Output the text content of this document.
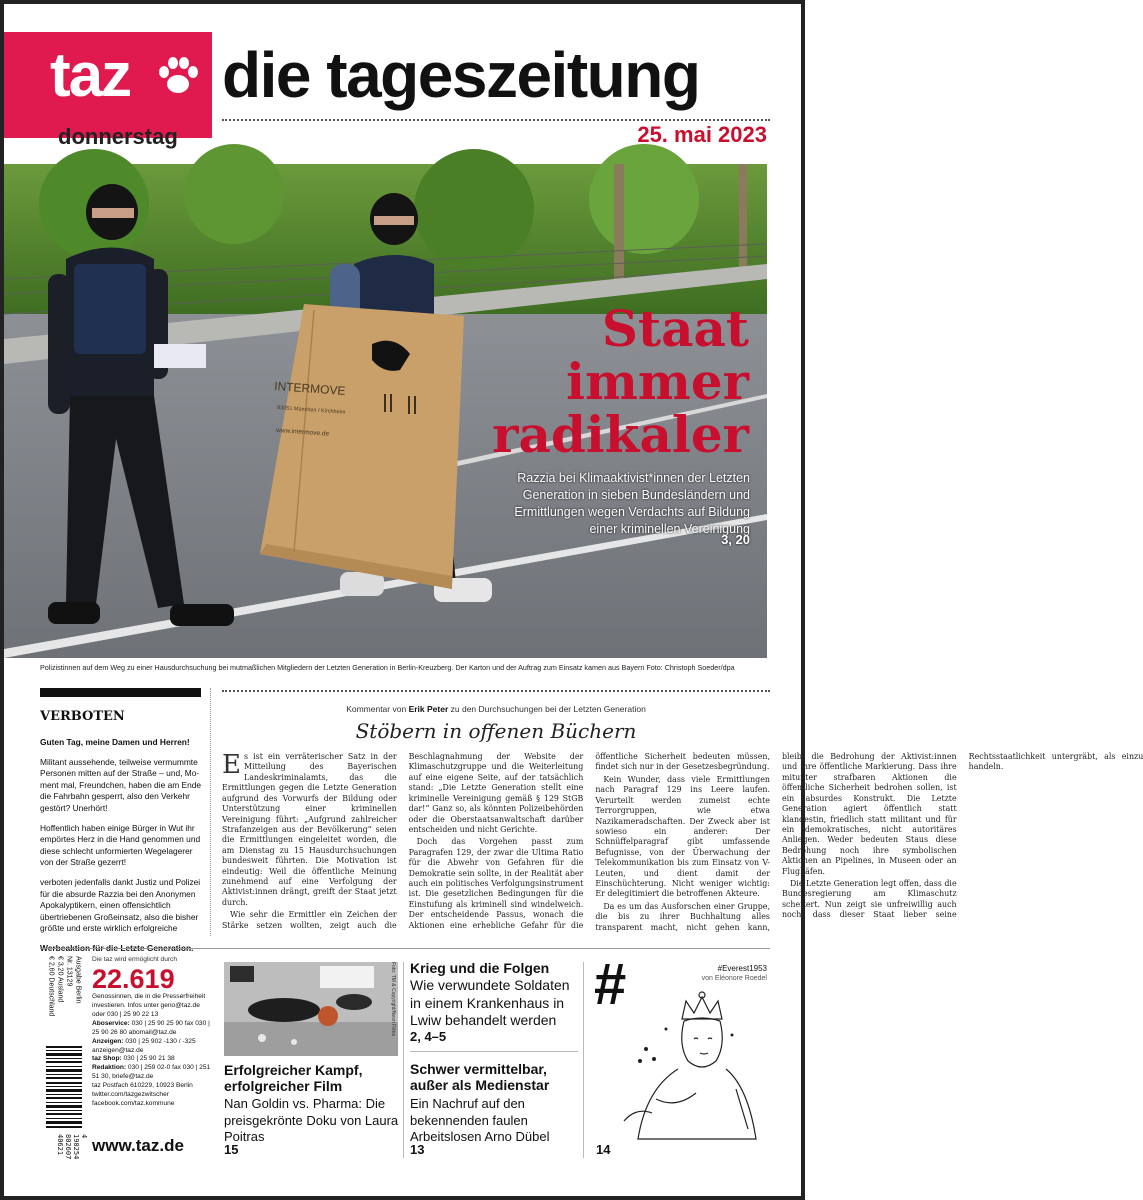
taz die tageszeitung
donnerstag	25. mai 2023
INTERMOVE
83051 München / Kirchheim
www.intermove.de
Staat
immer
radikaler
Razzia bei Klimaaktivist*innen der Letzten Generation in sieben Bundesländern und Ermittlungen wegen Verdachts auf Bildung einer kriminellen Vereinigung
3, 20
Polizistinnen auf dem Weg zu einer Hausdurchsuchung bei mutmaßlichen Mitgliedern der Letzten Generation in Berlin-Kreuzberg. Der Karton und der Auftrag zum Einsatz kamen aus Bayern Foto: Christoph Soeder/dpa
VERBOTEN

Guten Tag, meine Damen und Herren!

Militant aussehende, teilweise vermummte Personen mitten auf der Straße – und, Moment mal, Freundchen, haben die am Ende die Fahrbahn gesperrt, also den Verkehr gestört? Unerhört!

Hoffentlich haben einige Bürger in Wut ihr empörtes Herz in die Hand genommen und diese schlecht unformierten Wegelagerer von der Straße gezerrt!

verboten jedenfalls dankt Justiz und Polizei für die absurde Razzia bei den Anonymen Apokalyptikern, einen offensichtlich übertriebenen Großeinsatz, also die bisher größte und erste wirklich erfolgreiche

Werbeaktion für die Letzte Generation.

Kommentar von Erik Peter zu den Durchsuchungen bei der Letzten Generation
Stöbern in offenen Büchern

Es ist ein verräterischer Satz in der Mitteilung des Bayerischen Landeskriminalamts, das die Ermittlungen gegen die Letzte Generation aufgrund des Vorwurfs der Bildung oder Unterstützung einer kriminellen Vereinigung führt: „Aufgrund zahlreicher Strafanzeigen aus der Bevölkerung“ seien die Ermittlungen eingeleitet worden, die am Dienstag zu 15 Hausdurchsuchungen bundesweit führten. Die Motivation ist eindeutig: Weil die öffentliche Meinung zunehmend auf eine Verfolgung der Aktivist:innen drängt, greift der Staat jetzt durch.

Wie sehr die Ermittler ein Zeichen der Stärke setzen wollten, zeigt auch die Beschlagnahmung der Website der Klimaschutzgruppe und die Weiterleitung auf eine eigene Seite, auf der tatsächlich stand: „Die Letzte Generation stellt eine kriminelle Vereinigung gemäß § 129 StGB dar!“ Ganz so, als könnten Polizeibehörden oder die Oberstaatsanwaltschaft darüber entscheiden und nicht Gerichte.

Doch das Vorgehen passt zum Paragrafen 129, der zwar die Ultima Ratio für die Abwehr von Gefahren für die Demokratie sein sollte, in der Realität aber auch ein politisches Verfolgungsinstrument ist. Die gesetzlichen Bedingungen für die Einstufung als kriminell sind windelweich. Der entscheidende Passus, wonach die Aktionen eine erhebliche Gefahr für die öffentliche Sicherheit bedeuten müssen, findet sich nur in der Gesetzesbegründung.

Kein Wunder, dass viele Ermittlungen nach Paragraf 129 ins Leere laufen. Verurteilt werden zumeist echte Terrorgruppen, wie etwa Nazikameradschaften. Der Zweck aber ist sowieso ein anderer: Der Schnüffelparagraf gibt umfassende Befugnisse, von der Überwachung der Telekommunikation bis zum Einsatz von V-Leuten, und dient damit der Einschüchterung. Nicht weniger wichtig: Er delegitimiert die betroffenen Akteure.

Da es um das Ausforschen einer Gruppe, die bis zu ihrer Buchhaltung alles transparent macht, nicht gehen kann, bleibt die Bedrohung der Aktivist:innen und ihre öffentliche Markierung. Dass ihre mitunter strafbaren Aktionen die öffentliche Sicherheit bedrohen sollen, ist ein absurdes Konstrukt. Die Letzte Generation agiert öffentlich statt klandestin, friedlich statt militant und für ein demokratisches, nicht autoritäres Anliegen. Weder bedeuten Staus diese Bedrohung noch ihre symbolischen Aktionen an Pipelines, in Museen oder an Flughäfen.

Die Letzte Generation legt offen, dass die Bundesregierung am Klimaschutz scheitert. Nun zeigt sie unfreiwillig auch noch, dass dieser Staat lieber seine Rechtsstaatlichkeit untergräbt, als einzu handeln.

Ausgabe Berlin
Nr. 13129
€ 3,20 Ausland
€ 2,60 Deutschland
4 190254 802607 40621
Die taz wird ermöglicht durch
22.619
Genossinnen, die in die Presserfreiheit investieren. Infos unter geno@taz.de oder 030 | 25 90 22 13
Aboservice: 030 | 25 90 25 90 fax 030 | 25 90 26 80 abomail@taz.de
Anzeigen: 030 | 25 902 -130 / -325 anzeigen@taz.de
taz Shop: 030 | 25 90 21 38
Redaktion: 030 | 259 02-0 fax 030 | 251 51 30, briefe@taz.de
taz Postfach 610229, 10923 Berlin twitter.com/tazgezwitscher facebook.com/taz.kommune
www.taz.de
Foto: TM & Copyright/Neon Films
Erfolgreicher Kampf, erfolgreicher Film
Nan Goldin vs. Pharma: Die preisgekrönte Doku von Laura Poitras
15
Krieg und die Folgen
Wie verwundete Soldaten in einem Krankenhaus in Lwiw behandelt werden
2, 4–5
Schwer vermittelbar, außer als Medienstar
Ein Nachruf auf den bekennenden faulen Arbeitslosen Arno Dübel
13
#	#Everest1953
von Eléonore Roedel
14
